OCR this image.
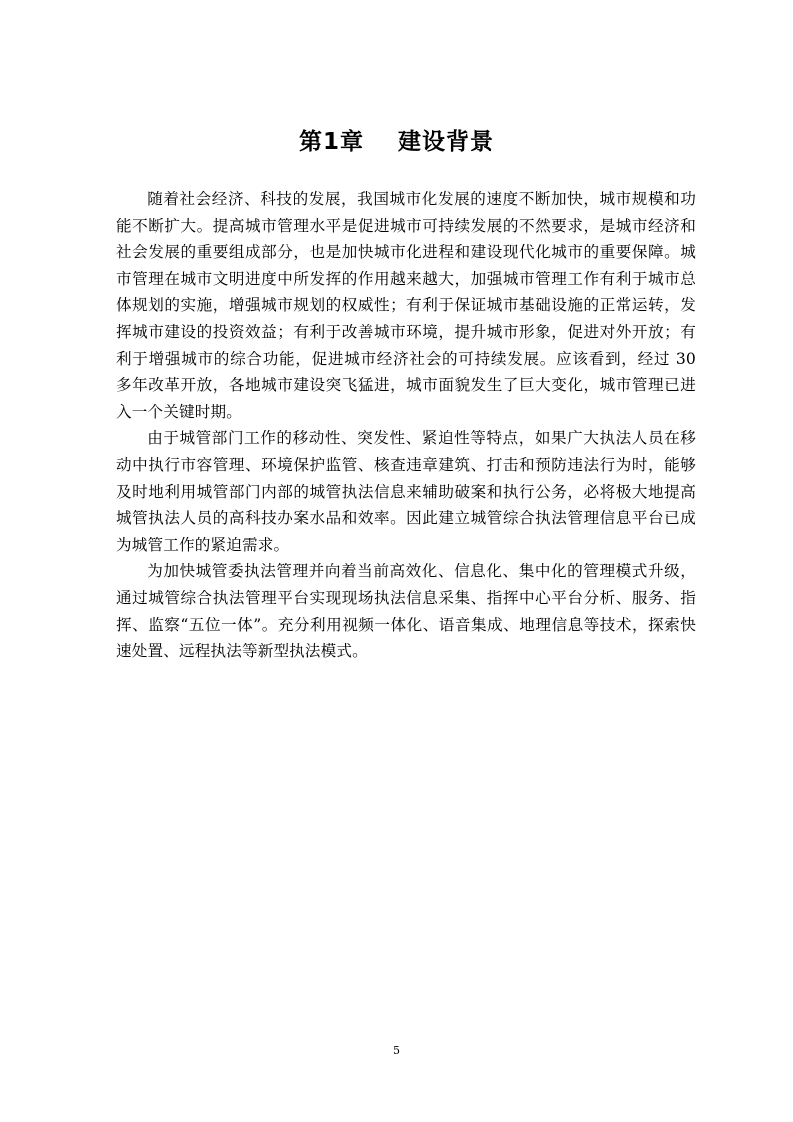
第1章 建设背景

随着社会经济、科技的发展，我国城市化发展的速度不断加快，城市规模和功能不断扩大。提高城市管理水平是促进城市可持续发展的不然要求，是城市经济和社会发展的重要组成部分，也是加快城市化进程和建设现代化城市的重要保障。城市管理在城市文明进度中所发挥的作用越来越大，加强城市管理工作有利于城市总体规划的实施，增强城市规划的权威性；有利于保证城市基础设施的正常运转，发挥城市建设的投资效益；有利于改善城市环境，提升城市形象，促进对外开放；有利于增强城市的综合功能，促进城市经济社会的可持续发展。应该看到，经过 30 多年改革开放，各地城市建设突飞猛进，城市面貌发生了巨大变化，城市管理已进入一个关键时期。

由于城管部门工作的移动性、突发性、紧迫性等特点，如果广大执法人员在移动中执行市容管理、环境保护监管、核查违章建筑、打击和预防违法行为时，能够及时地利用城管部门内部的城管执法信息来辅助破案和执行公务，必将极大地提高城管执法人员的高科技办案水品和效率。因此建立城管综合执法管理信息平台已成为城管工作的紧迫需求。

为加快城管委执法管理并向着当前高效化、信息化、集中化的管理模式升级，通过城管综合执法管理平台实现现场执法信息采集、指挥中心平台分析、服务、指挥、监察“五位一体”。充分利用视频一体化、语音集成、地理信息等技术，探索快速处置、远程执法等新型执法模式。

5
